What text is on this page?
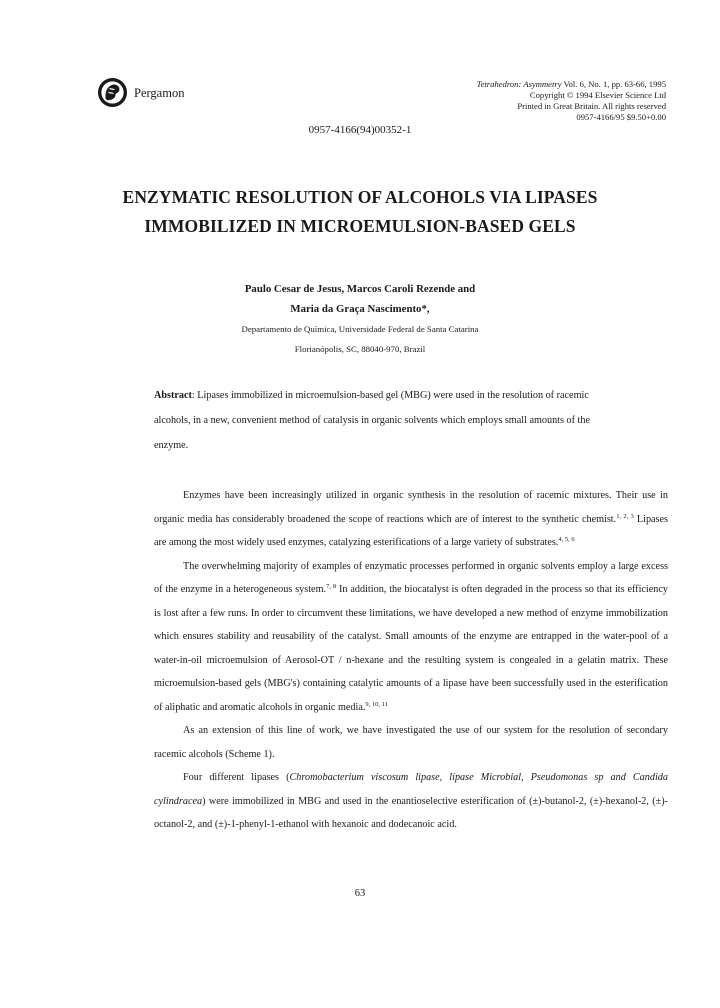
Pergamon
Tetrahedron: Asymmetry Vol. 6, No. 1, pp. 63-66, 1995
Copyright © 1994 Elsevier Science Ltd
Printed in Great Britain. All rights reserved
0957-4166/95 $9.50+0.00
0957-4166(94)00352-1
ENZYMATIC RESOLUTION OF ALCOHOLS VIA LIPASES
IMMOBILIZED IN MICROEMULSION-BASED GELS
Paulo Cesar de Jesus, Marcos Caroli Rezende and
Maria da Graça Nascimento*,
Departamento de Química, Universidade Federal de Santa Catarina
Florianópolis, SC, 88040-970, Brazil
Abstract: Lipases immobilized in microemulsion-based gel (MBG) were used in the resolution of racemic alcohols, in a new, convenient method of catalysis in organic solvents which employs small amounts of the enzyme.

Enzymes have been increasingly utilized in organic synthesis in the resolution of racemic mixtures. Their use in organic media has considerably broadened the scope of reactions which are of interest to the synthetic chemist.$^{1, 2, 3}$ Lipases are among the most widely used enzymes, catalyzing esterifications of a large variety of substrates.$^{4, 5, 6}$

The overwhelming majority of examples of enzymatic processes performed in organic solvents employ a large excess of the enzyme in a heterogeneous system.$^{7, 8}$ In addition, the biocatalyst is often degraded in the process so that its efficiency is lost after a few runs. In order to circumvent these limitations, we have developed a new method of enzyme immobilization which ensures stability and reusability of the catalyst. Small amounts of the enzyme are entrapped in the water-pool of a water-in-oil microemulsion of Aerosol-OT / n-hexane and the resulting system is congealed in a gelatin matrix. These microemulsion-based gels (MBG's) containing catalytic amounts of a lipase have been successfully used in the esterification of aliphatic and aromatic alcohols in organic media.$^{9, 10, 11}$

As an extension of this line of work, we have investigated the use of our system for the resolution of secondary racemic alcohols (Scheme 1).

Four different lipases (Chromobacterium viscosum lipase, lipase Microbial, Pseudomonas sp and Candida cylindracea) were immobilized in MBG and used in the enantioselective esterification of (±)-butanol-2, (±)-hexanol-2, (±)-octanol-2, and (±)-1-phenyl-1-ethanol with hexanoic and dodecanoic acid.

63
